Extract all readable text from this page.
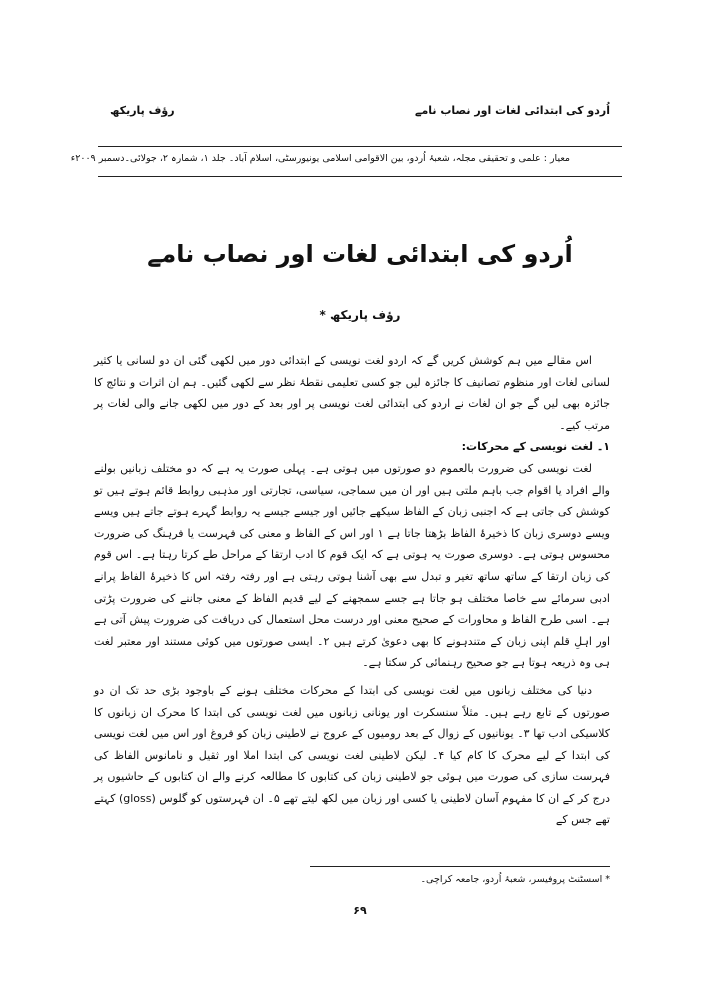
رؤف پاریکھ	اُردو کی ابتدائی لغات اور نصاب نامے
معیار : علمی و تحقیقی مجلہ، شعبۂ اُردو، بین الاقوامی اسلامی یونیورسٹی، اسلام آباد۔ جلد ۱، شمارہ ۲، جولائی۔دسمبر ۲۰۰۹ء
اُردو کی ابتدائی لغات اور نصاب نامے
رؤف پاریکھ *

اس مقالے میں ہم کوشش کریں گے کہ اردو لغت نویسی کے ابتدائی دور میں لکھی گئی ان دو لسانی یا کثیر لسانی لغات اور منظوم تصانیف کا جائزہ لیں جو کسی تعلیمی نقطۂ نظر سے لکھی گئیں۔ ہم ان اثرات و نتائج کا جائزہ بھی لیں گے جو ان لغات نے اردو کی ابتدائی لغت نویسی پر اور بعد کے دور میں لکھی جانے والی لغات پر مرتب کیے۔

۱۔ لغت نویسی کے محرکات:

لغت نویسی کی ضرورت بالعموم دو صورتوں میں ہوتی ہے۔ پہلی صورت یہ ہے کہ دو مختلف زبانیں بولنے والے افراد یا اقوام جب باہم ملتی ہیں اور ان میں سماجی، سیاسی، تجارتی اور مذہبی روابط قائم ہوتے ہیں تو کوشش کی جاتی ہے کہ اجنبی زبان کے الفاظ سیکھے جائیں اور جیسے جیسے یہ روابط گہرے ہوتے جاتے ہیں ویسے ویسے دوسری زبان کا ذخیرۂ الفاظ بڑھتا جاتا ہے ۱ اور اس کے الفاظ و معنی کی فہرست یا فرہنگ کی ضرورت محسوس ہوتی ہے۔ دوسری صورت یہ ہوتی ہے کہ ایک قوم کا ادب ارتقا کے مراحل طے کرتا رہتا ہے۔ اس قوم کی زبان ارتقا کے ساتھ ساتھ تغیر و تبدل سے بھی آشنا ہوتی رہتی ہے اور رفتہ رفتہ اس کا ذخیرۂ الفاظ پرانے ادبی سرمائے سے خاصا مختلف ہو جاتا ہے جسے سمجھنے کے لیے قدیم الفاظ کے معنی جاننے کی ضرورت پڑتی ہے۔ اسی طرح الفاظ و محاورات کے صحیح معنی اور درست محل استعمال کی دریافت کی ضرورت پیش آتی ہے اور اہلِ قلم اپنی زبان کے متندہونے کا بھی دعویٰ کرتے ہیں ۲۔ ایسی صورتوں میں کوئی مستند اور معتبر لغت ہی وہ ذریعہ ہوتا ہے جو صحیح رہنمائی کر سکتا ہے۔

دنیا کی مختلف زبانوں میں لغت نویسی کی ابتدا کے محرکات مختلف ہونے کے باوجود بڑی حد تک ان دو صورتوں کے تابع رہے ہیں۔ مثلاً سنسکرت اور یونانی زبانوں میں لغت نویسی کی ابتدا کا محرک ان زبانوں کا کلاسیکی ادب تھا ۳۔ یونانیوں کے زوال کے بعد رومیوں کے عروج نے لاطینی زبان کو فروغ اور اس میں لغت نویسی کی ابتدا کے لیے محرک کا کام کیا ۴۔ لیکن لاطینی لغت نویسی کی ابتدا املا اور ثقیل و نامانوس الفاظ کی فہرست سازی کی صورت میں ہوئی جو لاطینی زبان کی کتابوں کا مطالعہ کرنے والے ان کتابوں کے حاشیوں پر درج کر کے ان کا مفہوم آسان لاطینی یا کسی اور زبان میں لکھ لیتے تھے ۵۔ ان فہرستوں کو گلوس (gloss) کہتے تھے جس کے

* اسسٹنٹ پروفیسر، شعبۂ اُردو، جامعہ کراچی۔
۶۹
